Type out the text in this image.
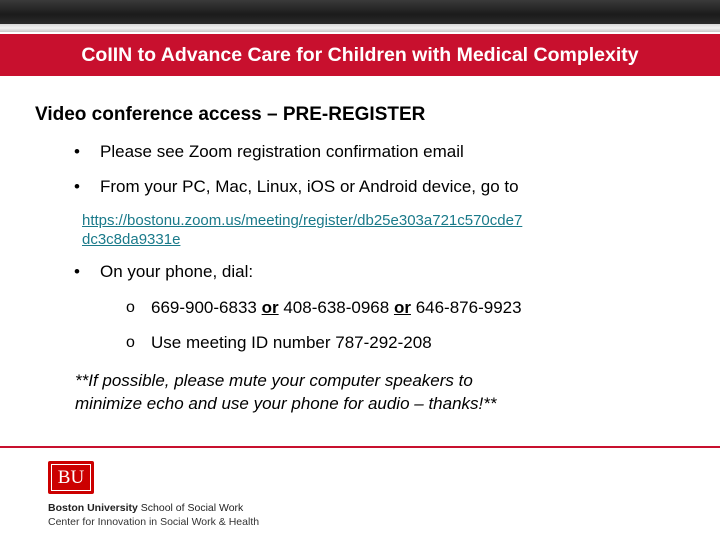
CoIIN to Advance Care for Children with Medical Complexity
Video conference access – PRE-REGISTER
•	Please see Zoom registration confirmation email
•	From your PC, Mac, Linux, iOS or Android device, go to
https://bostonu.zoom.us/meeting/register/db25e303a721c570cde7
dc3c8da9331e
•	On your phone, dial:
o 669-900-6833 or 408-638-0968 or 646-876-9923
o Use meeting ID number 787-292-208
**If possible, please mute your computer speakers to
minimize echo and use your phone for audio – thanks!**
BU
Boston University School of Social Work
Center for Innovation in Social Work & Health
